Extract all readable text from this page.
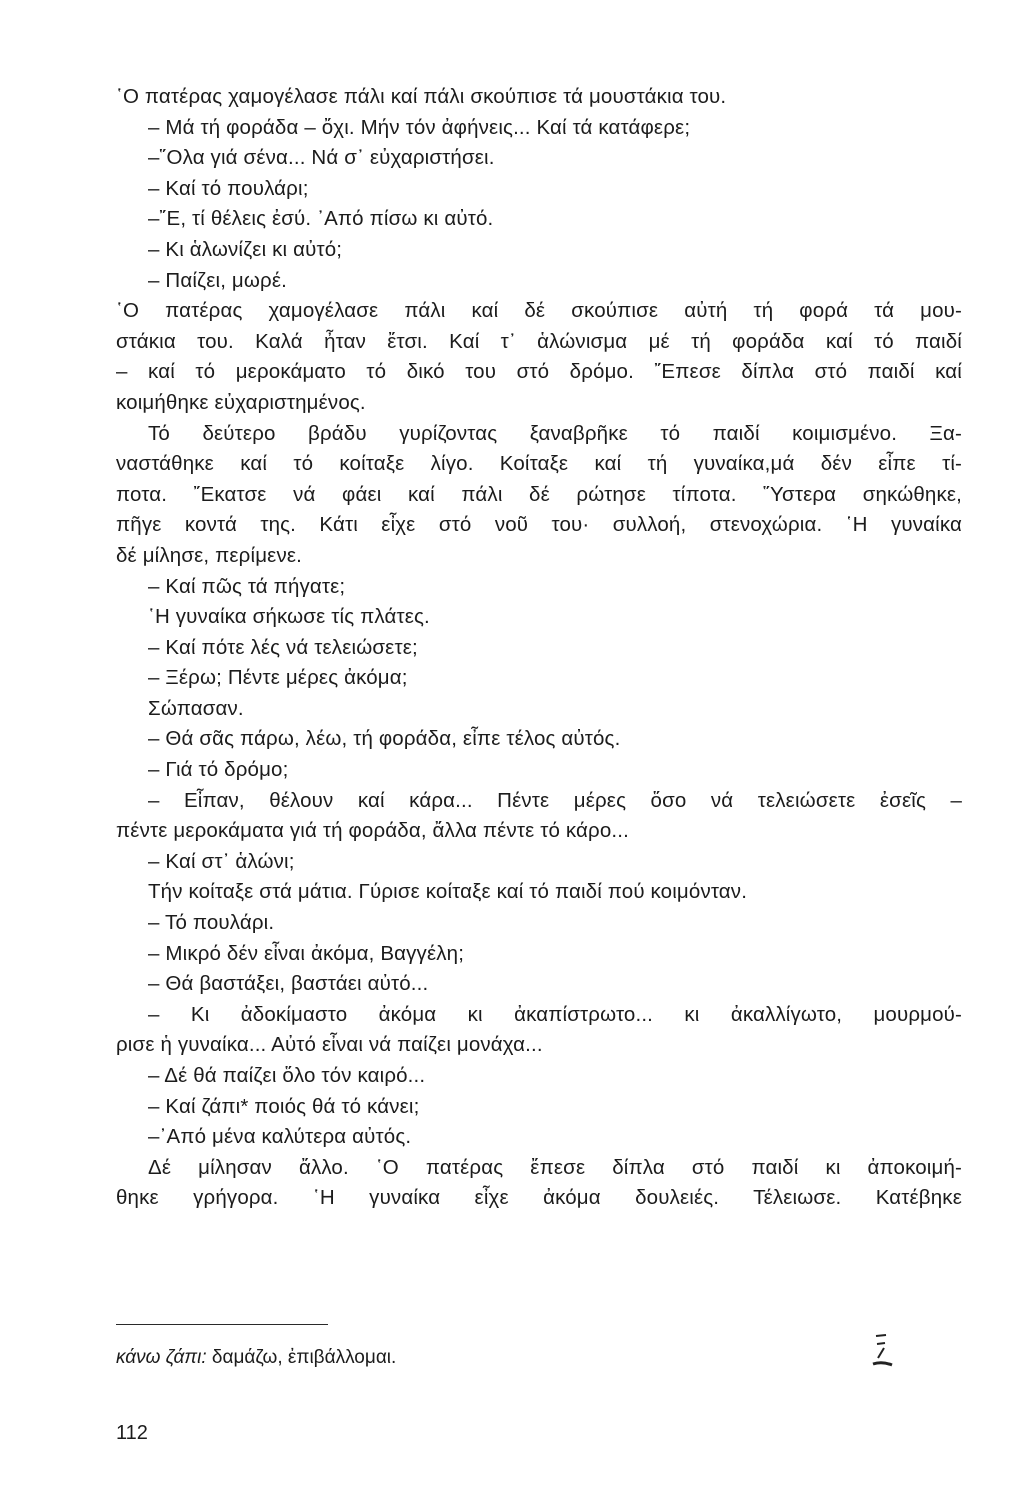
῾Ο πατέρας χαμογέλασε πάλι καί πάλι σκούπισε τά μουστάκια του.
– Μά τή φοράδα – ὄχι. Μήν τόν ἀφήνεις... Καί τά κατάφερε;
–῞Ολα γιά σένα... Νά σ᾿ εὐχαριστήσει.
– Καί τό πουλάρι;
–῎Ε, τί θέλεις ἐσύ. ᾿Από πίσω κι αὐτό.
– Κι ἁλωνίζει κι αὐτό;
– Παίζει, μωρέ.
῾Ο πατέρας χαμογέλασε πάλι καί δέ σκούπισε αὐτή τή φορά τά μου-
στάκια του. Καλά ἦταν ἔτσι. Καί τ᾿ ἁλώνισμα μέ τή φοράδα καί τό παιδί
– καί τό μεροκάματο τό δικό του στό δρόμο. ῎Επεσε δίπλα στό παιδί καί
κοιμήθηκε εὐχαριστημένος.
Τό δεύτερο βράδυ γυρίζοντας ξαναβρῆκε τό παιδί κοιμισμένο. Ξα-
ναστάθηκε καί τό κοίταξε λίγο. Κοίταξε καί τή γυναίκα,μά δέν εἶπε τί-
ποτα. ῎Εκατσε νά φάει καί πάλι δέ ρώτησε τίποτα. ῞Υστερα σηκώθηκε,
πῆγε κοντά της. Κάτι εἶχε στό νοῦ του· συλλοή, στενοχώρια. ῾Η γυναίκα
δέ μίλησε, περίμενε.
– Καί πῶς τά πήγατε;
῾Η γυναίκα σήκωσε τίς πλάτες.
– Καί πότε λές νά τελειώσετε;
– Ξέρω; Πέντε μέρες ἀκόμα;
Σώπασαν.
– Θά σᾶς πάρω, λέω, τή φοράδα, εἶπε τέλος αὐτός.
– Γιά τό δρόμο;
– Εἶπαν, θέλουν καί κάρα... Πέντε μέρες ὅσο νά τελειώσετε ἐσεῖς –
πέντε μεροκάματα γιά τή φοράδα, ἄλλα πέντε τό κάρο...
– Καί στ᾿ ἁλώνι;
Τήν κοίταξε στά μάτια. Γύρισε κοίταξε καί τό παιδί πού κοιμόνταν.
– Τό πουλάρι.
– Μικρό δέν εἶναι ἀκόμα, Βαγγέλη;
– Θά βαστάξει, βαστάει αὐτό...
– Κι ἀδοκίμαστο ἀκόμα κι ἀκαπίστρωτο... κι ἀκαλλίγωτο, μουρμού-
ρισε ἡ γυναίκα... Αὐτό εἶναι νά παίζει μονάχα...
– Δέ θά παίζει ὅλο τόν καιρό...
– Καί ζάπι* ποιός θά τό κάνει;
–᾿Από μένα καλύτερα αὐτός.
Δέ μίλησαν ἄλλο. ῾Ο πατέρας ἔπεσε δίπλα στό παιδί κι ἀποκοιμή-
θηκε γρήγορα. ῾Η γυναίκα εἶχε ἀκόμα δουλειές. Τέλειωσε. Κατέβηκε
κάνω ζάπι: δαμάζω, ἐπιβάλλομαι.
112
